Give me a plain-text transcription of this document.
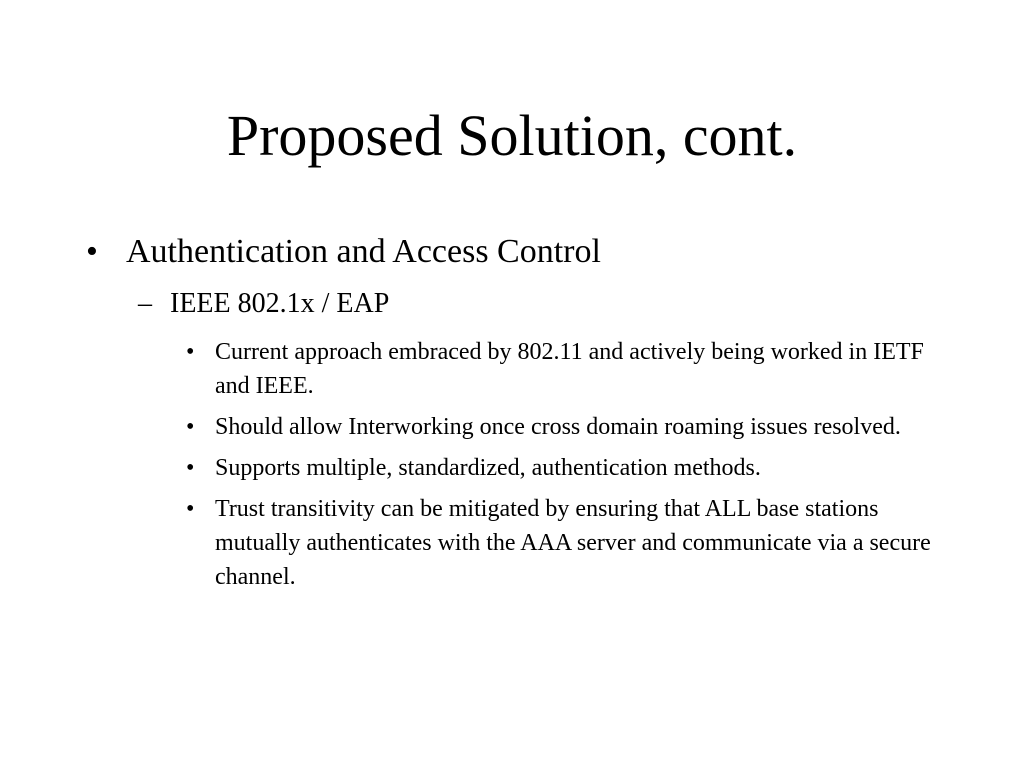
Proposed Solution, cont.
• Authentication and Access Control
– IEEE 802.1x / EAP
• Current approach embraced by 802.11 and actively being worked in IETF and IEEE.
• Should allow Interworking once cross domain roaming issues resolved.
• Supports multiple, standardized, authentication methods.
• Trust transitivity can be mitigated by ensuring that ALL base stations mutually authenticates with the AAA server and communicate via a secure channel.
